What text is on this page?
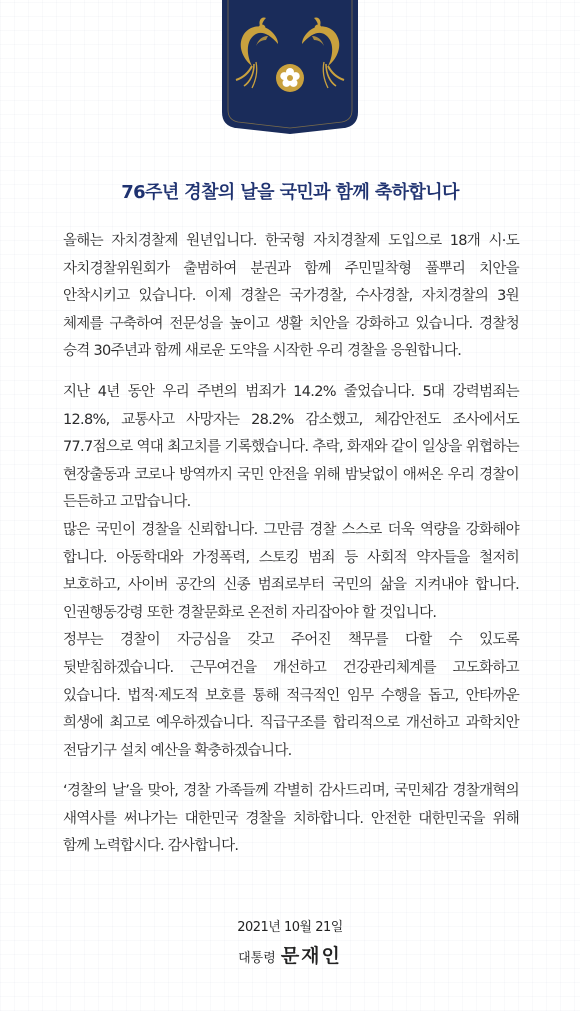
76주년 경찰의 날을 국민과 함께 축하합니다

올해는 자치경찰제 원년입니다. 한국형 자치경찰제 도입으로 18개 시·도 자치경찰위원회가 출범하여 분권과 함께 주민밀착형 풀뿌리 치안을 안착시키고 있습니다. 이제 경찰은 국가경찰, 수사경찰, 자치경찰의 3원 체제를 구축하여 전문성을 높이고 생활 치안을 강화하고 있습니다. 경찰청 승격 30주년과 함께 새로운 도약을 시작한 우리 경찰을 응원합니다.

지난 4년 동안 우리 주변의 범죄가 14.2% 줄었습니다. 5대 강력범죄는 12.8%, 교통사고 사망자는 28.2% 감소했고, 체감안전도 조사에서도 77.7점으로 역대 최고치를 기록했습니다. 추락, 화재와 같이 일상을 위협하는 현장출동과 코로나 방역까지 국민 안전을 위해 밤낮없이 애써온 우리 경찰이 든든하고 고맙습니다.

많은 국민이 경찰을 신뢰합니다. 그만큼 경찰 스스로 더욱 역량을 강화해야 합니다. 아동학대와 가정폭력, 스토킹 범죄 등 사회적 약자들을 철저히 보호하고, 사이버 공간의 신종 범죄로부터 국민의 삶을 지켜내야 합니다. 인권행동강령 또한 경찰문화로 온전히 자리잡아야 할 것입니다.

정부는 경찰이 자긍심을 갖고 주어진 책무를 다할 수 있도록 뒷받침하겠습니다. 근무여건을 개선하고 건강관리체계를 고도화하고 있습니다. 법적·제도적 보호를 통해 적극적인 임무 수행을 돕고, 안타까운 희생에 최고로 예우하겠습니다. 직급구조를 합리적으로 개선하고 과학치안 전담기구 설치 예산을 확충하겠습니다.

‘경찰의 날’을 맞아, 경찰 가족들께 각별히 감사드리며, 국민체감 경찰개혁의 새역사를 써나가는 대한민국 경찰을 치하합니다. 안전한 대한민국을 위해 함께 노력합시다. 감사합니다.

2021년 10월 21일
대통령 문재인
